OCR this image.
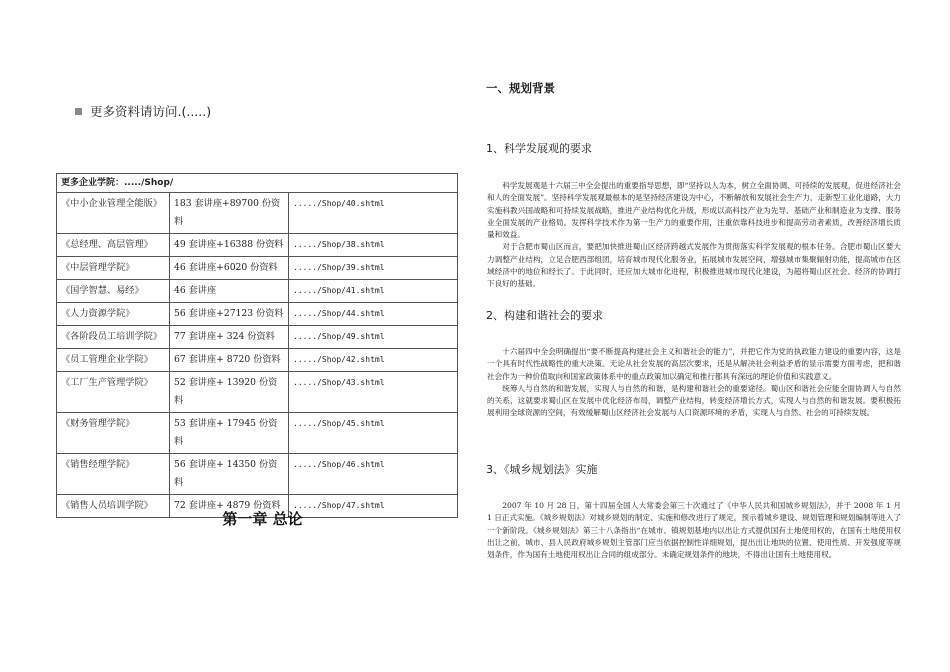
更多资料请访问.(.....)
更多企业学院：...../Shop/		
《中小企业管理全能版》	183 套讲座+89700 份资料	...../Shop/40.shtml
《总经理、高层管理》	49 套讲座+16388 份资料	...../Shop/38.shtml
《中层管理学院》	46 套讲座+6020 份资料	...../Shop/39.shtml
《国学智慧、易经》	46 套讲座	...../Shop/41.shtml
《人力资源学院》	56 套讲座+27123 份资料	...../Shop/44.shtml
《各阶段员工培训学院》	77 套讲座+ 324 份资料	...../Shop/49.shtml
《员工管理企业学院》	67 套讲座+ 8720 份资料	...../Shop/42.shtml
《工厂生产管理学院》	52 套讲座+ 13920 份资料	...../Shop/43.shtml
《财务管理学院》	53 套讲座+ 17945 份资料	...../Shop/45.shtml
《销售经理学院》	56 套讲座+ 14350 份资料	...../Shop/46.shtml
《销售人员培训学院》	72 套讲座+ 4879 份资料	...../Shop/47.shtml
第一章 总论
一、规划背景
1、科学发展观的要求

科学发展观是十六届三中全会提出的重要指导思想，即“坚持以人为本，树立全面协调、可持续的发展观，促进经济社会和人的全面发展”。坚持科学发展观最根本的是坚持经济建设为中心，不断解放和发展社会生产力，走新型工业化道路，大力实施科教兴国战略和可持续发展战略，推进产业结构优化升级，形成以高科技产业为先导、基础产业和制造业为支撑、服务业全面发展的产业格局。发挥科学技术作为第一生产力的重要作用，注重依靠科技进步和提高劳动者素质，改善经济增长质量和效益。

对于合肥市蜀山区而言，要把加快推进蜀山区经济跨越式发展作为贯彻落实科学发展观的根本任务。合肥市蜀山区要大力调整产业结构，立足合肥西部组团，培育城市现代化服务业，拓展城市发展空间，增强城市集聚辐射功能，提高城市在区域经济中的地位和经长了。于此同时，还应加大城市化进程，积极推进城市现代化建设，为超将蜀山区社会、经济的协调打下良好的基础。

2、构建和谐社会的要求

十六届四中全会明确提出“要不断提高构建社会主义和谐社会的能力”，并把它作为党的执政能力建设的重要内容，这是一个具有时代性战略性的重大决策。无论从社会发展的高层次要求，还是从解决社会利益矛盾的显示需要方面考虑，把和谐社会作为一种价值取向和国家政策体系中的重点政策加以确定和推行都具有深远的理论价值和实践意义。

统筹人与自然的和谐发展，实现人与自然的和谐，是构建和谐社会的重要途径。蜀山区和谐社会应能全面协调人与自然的关系，这就要求蜀山区在发展中优化经济布局，调整产业结构，转变经济增长方式，实现人与自然的和谐发展。要积极拓展利用全球资源的空间，有效缓解蜀山区经济社会发展与人口资源环境的矛盾，实现人与自然、社会的可持续发展。

3、《城乡规划法》实施

2007 年 10 月 28 日，第十四届全国人大常委会第三十次通过了《中华人民共和国城乡规划法》，并于 2008 年 1 月 1 日正式实施。《城乡规划法》对城乡规划的制定、实施和修改进行了规定，预示着城乡建设、规划管理和规划编制等进入了一个新阶段。《城乡规划法》第三十八条指出“在城市、镇规划基地内以出让方式提供国有土地使用权的，在国有土地使用权出让之前，城市、县人民政府城乡规划主管部门应当依据控制性详细规划，提出出让地块的位置、使用性质、开发强度等规划条件，作为国有土地使用权出让合同的组成部分。未确定规划条件的地块，不得出让国有土地使用权。
